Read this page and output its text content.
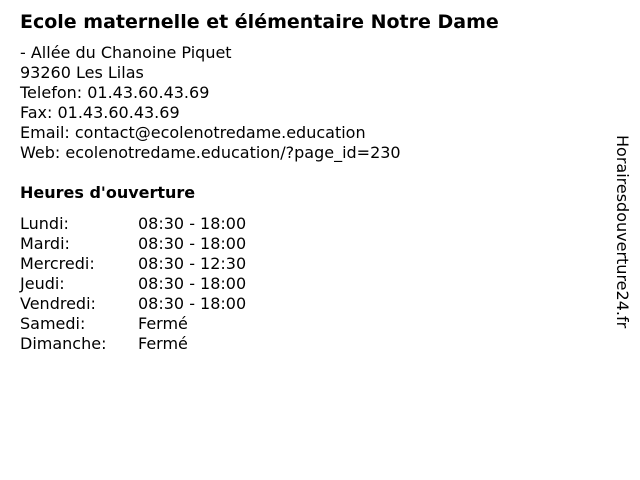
Ecole maternelle et élémentaire Notre Dame
- Allée du Chanoine Piquet
93260 Les Lilas
Telefon: 01.43.60.43.69
Fax: 01.43.60.43.69
Email: contact@ecolenotredame.education
Web: ecolenotredame.education/?page_id=230
Heures d'ouverture
Lundi:	08:30 - 18:00
Mardi:	08:30 - 18:00
Mercredi:	08:30 - 12:30
Jeudi:	08:30 - 18:00
Vendredi:	08:30 - 18:00
Samedi:	Fermé
Dimanche:	Fermé
Horairesdouverture24.fr
